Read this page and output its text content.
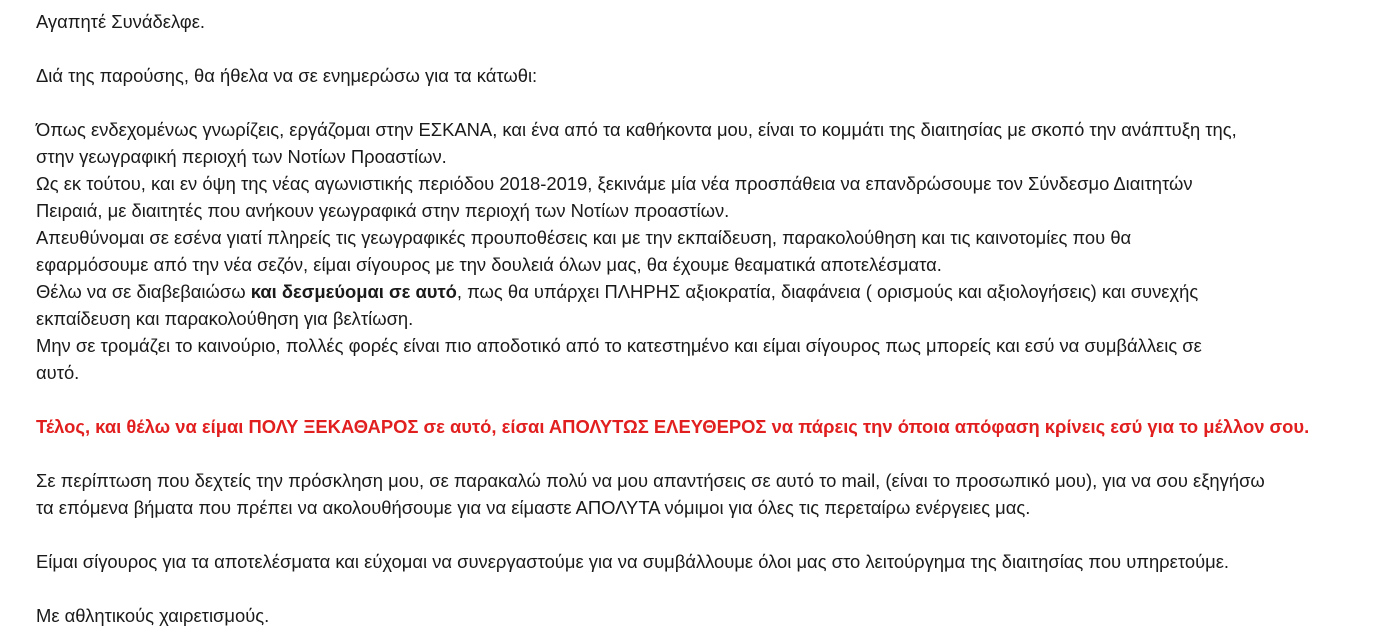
Αγαπητέ Συνάδελφε.

Διά της παρούσης, θα ήθελα να σε ενημερώσω για τα κάτωθι:

Όπως ενδεχομένως γνωρίζεις, εργάζομαι στην ΕΣΚΑΝΑ, και ένα από τα καθήκοντα μου, είναι το κομμάτι της διαιτησίας με σκοπό την ανάπτυξη της,

στην γεωγραφική περιοχή των Νοτίων Προαστίων.

Ως εκ τούτου, και εν όψη της νέας αγωνιστικής περιόδου 2018-2019, ξεκινάμε μία νέα προσπάθεια να επανδρώσουμε τον Σύνδεσμο Διαιτητών

Πειραιά, με διαιτητές που ανήκουν γεωγραφικά στην περιοχή των Νοτίων προαστίων.

Απευθύνομαι σε εσένα γιατί πληρείς τις γεωγραφικές προυποθέσεις και με την εκπαίδευση, παρακολούθηση και τις καινοτομίες που θα

εφαρμόσουμε από την νέα σεζόν, είμαι σίγουρος με την δουλειά όλων μας, θα έχουμε θεαματικά αποτελέσματα.

Θέλω να σε διαβεβαιώσω και δεσμεύομαι σε αυτό, πως θα υπάρχει ΠΛΗΡΗΣ αξιοκρατία, διαφάνεια ( ορισμούς και αξιολογήσεις) και συνεχής

εκπαίδευση και παρακολούθηση για βελτίωση.

Μην σε τρομάζει το καινούριο, πολλές φορές είναι πιο αποδοτικό από το κατεστημένο και είμαι σίγουρος πως μπορείς και εσύ να συμβάλλεις σε

αυτό.

Τέλος, και θέλω να είμαι ΠΟΛΥ ΞΕΚΑΘΑΡΟΣ σε αυτό, είσαι ΑΠΟΛΥΤΩΣ ΕΛΕΥΘΕΡΟΣ να πάρεις την όποια απόφαση κρίνεις εσύ για το μέλλον σου.

Σε περίπτωση που δεχτείς την πρόσκληση μου, σε παρακαλώ πολύ να μου απαντήσεις σε αυτό το mail, (είναι το προσωπικό μου), για να σου εξηγήσω

τα επόμενα βήματα που πρέπει να ακολουθήσουμε για να είμαστε ΑΠΟΛΥΤΑ νόμιμοι για όλες τις περεταίρω ενέργειες μας.

Είμαι σίγουρος για τα αποτελέσματα και εύχομαι να συνεργαστούμε για να συμβάλλουμε όλοι μας στο λειτούργημα της διαιτησίας που υπηρετούμε.

Με αθλητικούς χαιρετισμούς.
